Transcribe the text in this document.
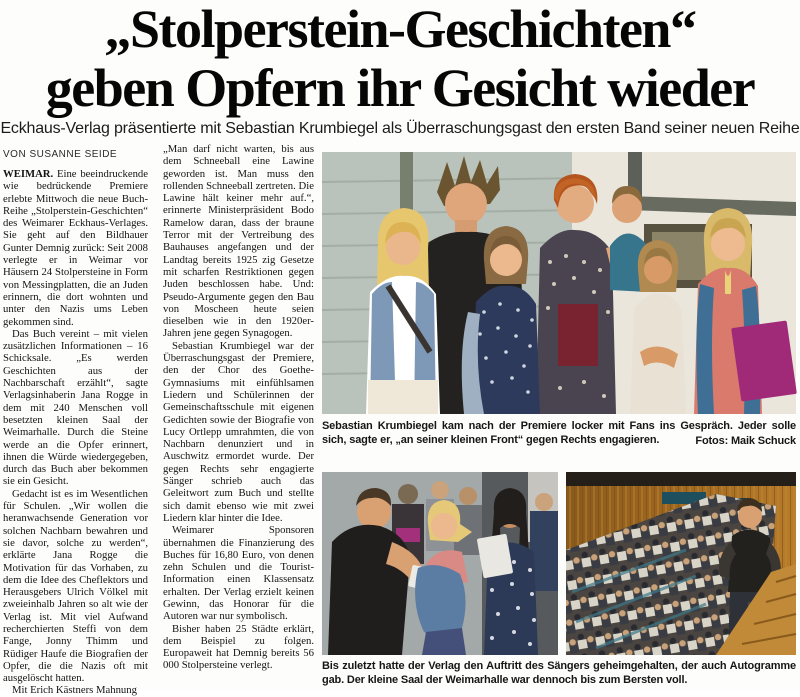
„Stolperstein-Geschichten“
geben Opfern ihr Gesicht wieder
Eckhaus-Verlag präsentierte mit Sebastian Krumbiegel als Überraschungsgast den ersten Band seiner neuen Reihe
VON SUSANNE SEIDE

WEIMAR. Eine beeindruckende wie bedrückende Premiere erlebte Mittwoch die neue Buch-Reihe „Stolperstein-Geschichten“ des Weimarer Eckhaus-Verlages. Sie geht auf den Bildhauer Gunter Demnig zurück: Seit 2008 verlegte er in Weimar vor Häusern 24 Stolpersteine in Form von Messingplatten, die an Juden erinnern, die dort wohnten und unter den Nazis ums Leben gekommen sind.

Das Buch vereint – mit vielen zusätzlichen Informationen – 16 Schicksale. „Es werden Geschichten aus der Nachbarschaft erzählt“, sagte Verlagsinhaberin Jana Rogge in dem mit 240 Menschen voll besetzten kleinen Saal der Weimarhalle. Durch die Steine werde an die Opfer erinnert, ihnen die Würde wiedergegeben, durch das Buch aber bekommen sie ein Gesicht.

Gedacht ist es im Wesentlichen für Schulen. „Wir wollen die heranwachsende Generation vor solchen Nachbarn bewahren und sie davor, solche zu werden“, erklärte Jana Rogge die Motivation für das Vorhaben, zu dem die Idee des Cheflektors und Herausgebers Ulrich Völkel mit zweieinhalb Jahren so alt wie der Verlag ist. Mit viel Aufwand recherchierten Steffi von dem Fange, Jonny Thimm und Rüdiger Haufe die Biografien der Opfer, die die Nazis oft mit ausgelöscht hatten.

Mit Erich Kästners Mahnung

„Man darf nicht warten, bis aus dem Schneeball eine Lawine geworden ist. Man muss den rollenden Schneeball zertreten. Die Lawine hält keiner mehr auf.“, erinnerte Ministerpräsident Bodo Ramelow daran, dass der braune Terror mit der Vertreibung des Bauhauses angefangen und der Landtag bereits 1925 zig Gesetze mit scharfen Restriktionen gegen Juden beschlossen habe. Und: Pseudo-Argumente gegen den Bau von Moscheen heute seien dieselben wie in den 1920er-Jahren jene gegen Synagogen.

Sebastian Krumbiegel war der Überraschungsgast der Premiere, den der Chor des Goethe-Gymnasiums mit einfühlsamen Liedern und Schülerinnen der Gemeinschaftsschule mit eigenen Gedichten sowie der Biografie von Lucy Ortlepp umrahmten, die von Nachbarn denunziert und in Auschwitz ermordet wurde. Der gegen Rechts sehr engagierte Sänger schrieb auch das Geleitwort zum Buch und stellte sich damit ebenso wie mit zwei Liedern klar hinter die Idee.

Weimarer Sponsoren übernahmen die Finanzierung des Buches für 16,80 Euro, von denen zehn Schulen und die Tourist-Information einen Klassensatz erhalten. Der Verlag erzielt keinen Gewinn, das Honorar für die Autoren war nur symbolisch.

Bisher haben 25 Städte erklärt, dem Beispiel zu folgen. Europaweit hat Demnig bereits 56 000 Stolpersteine verlegt.

Sebastian Krumbiegel kam nach der Premiere locker mit Fans ins Gespräch. Jeder solle sich, sagte er, „an seiner kleinen Front“ gegen Rechts engagieren.	Fotos: Maik Schuck
Bis zuletzt hatte der Verlag den Auftritt des Sängers geheimgehalten, der auch Autogramme gab. Der kleine Saal der Weimarhalle war dennoch bis zum Bersten voll.
